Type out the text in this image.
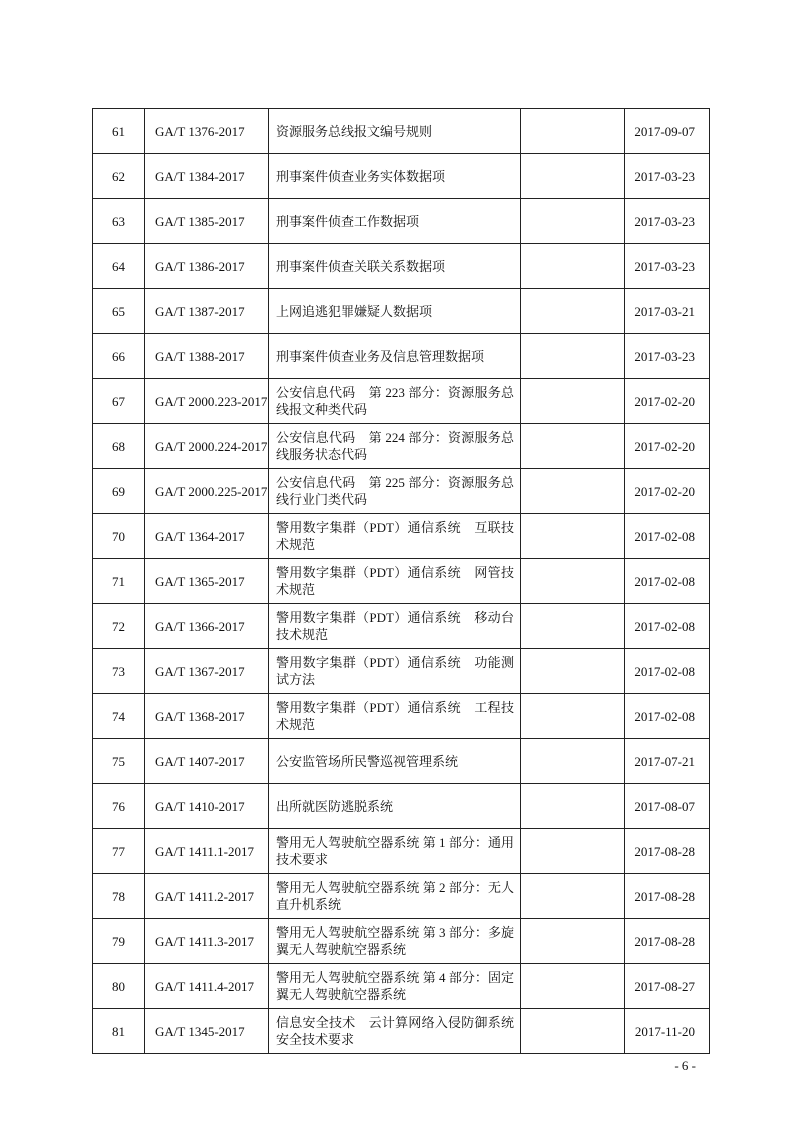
61	GA/T 1376-2017	资源服务总线报文编号规则		2017-09-07
62	GA/T 1384-2017	刑事案件侦查业务实体数据项		2017-03-23
63	GA/T 1385-2017	刑事案件侦查工作数据项		2017-03-23
64	GA/T 1386-2017	刑事案件侦查关联关系数据项		2017-03-23
65	GA/T 1387-2017	上网追逃犯罪嫌疑人数据项		2017-03-21
66	GA/T 1388-2017	刑事案件侦查业务及信息管理数据项		2017-03-23
67	GA/T 2000.223-2017	公安信息代码　第 223 部分：资源服务总线报文种类代码		2017-02-20
68	GA/T 2000.224-2017	公安信息代码　第 224 部分：资源服务总线服务状态代码		2017-02-20
69	GA/T 2000.225-2017	公安信息代码　第 225 部分：资源服务总线行业门类代码		2017-02-20
70	GA/T 1364-2017	警用数字集群（PDT）通信系统　互联技术规范		2017-02-08
71	GA/T 1365-2017	警用数字集群（PDT）通信系统　网管技术规范		2017-02-08
72	GA/T 1366-2017	警用数字集群（PDT）通信系统　移动台技术规范		2017-02-08
73	GA/T 1367-2017	警用数字集群（PDT）通信系统　功能测试方法		2017-02-08
74	GA/T 1368-2017	警用数字集群（PDT）通信系统　工程技术规范		2017-02-08
75	GA/T 1407-2017	公安监管场所民警巡视管理系统		2017-07-21
76	GA/T 1410-2017	出所就医防逃脱系统		2017-08-07
77	GA/T 1411.1-2017	警用无人驾驶航空器系统 第 1 部分：通用技术要求		2017-08-28
78	GA/T 1411.2-2017	警用无人驾驶航空器系统 第 2 部分：无人直升机系统		2017-08-28
79	GA/T 1411.3-2017	警用无人驾驶航空器系统 第 3 部分：多旋翼无人驾驶航空器系统		2017-08-28
80	GA/T 1411.4-2017	警用无人驾驶航空器系统 第 4 部分：固定翼无人驾驶航空器系统		2017-08-27
81	GA/T 1345-2017	信息安全技术　云计算网络入侵防御系统安全技术要求		2017-11-20
- 6 -
